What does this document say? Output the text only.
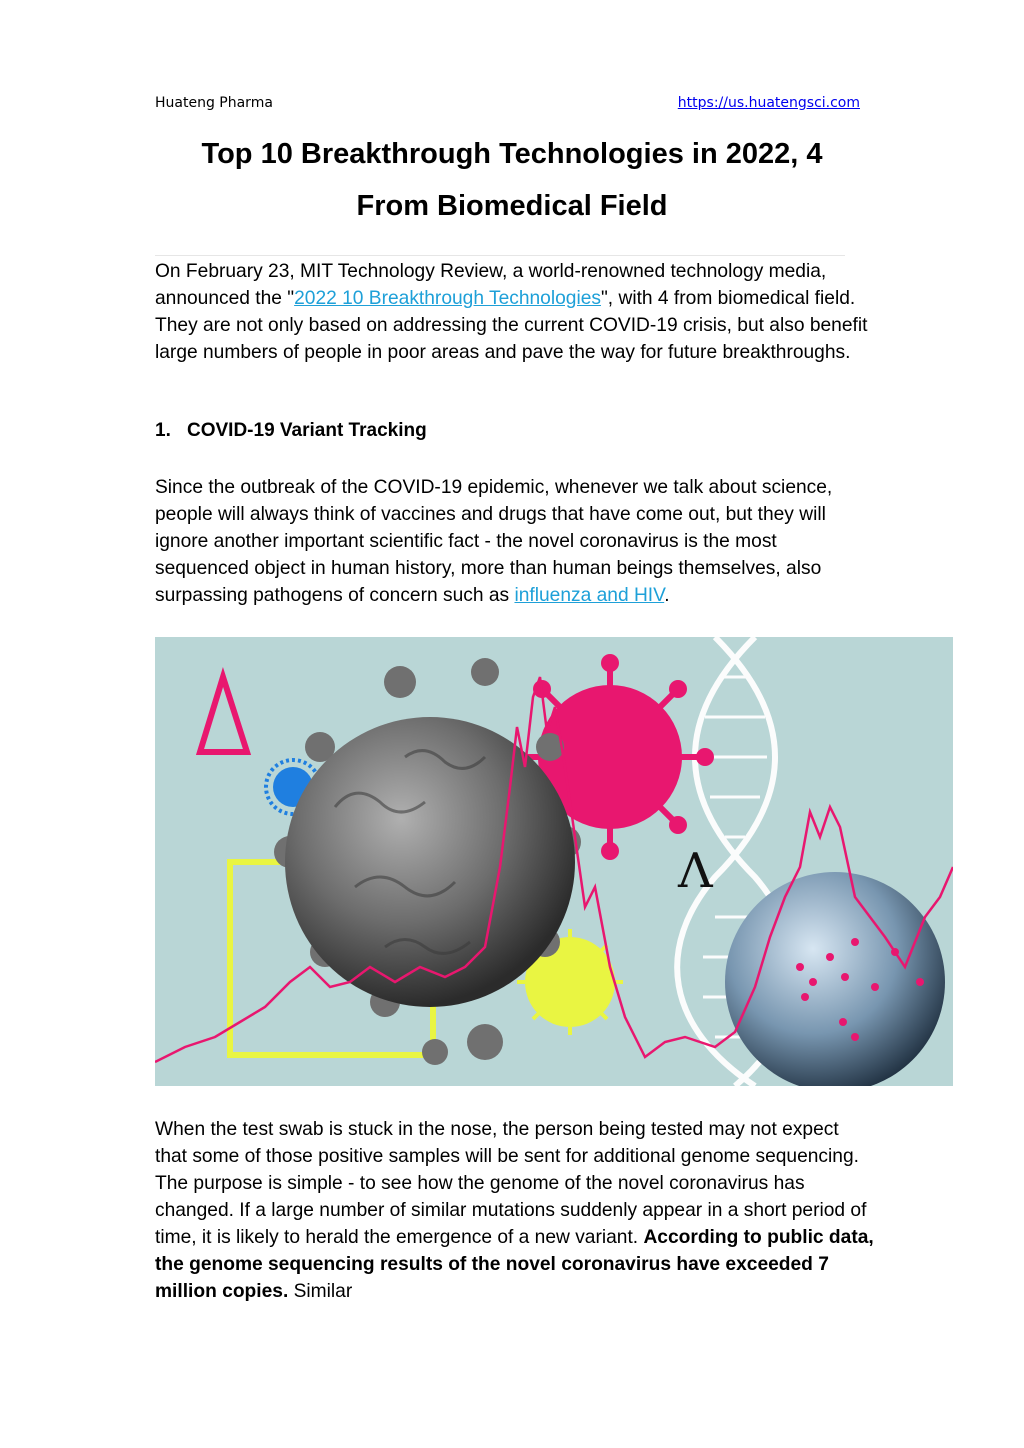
Huateng Pharma	https://us.huatengsci.com
Top 10 Breakthrough Technologies in 2022, 4
From Biomedical Field

On February 23, MIT Technology Review, a world-renowned technology media, announced the "2022 10 Breakthrough Technologies", with 4 from biomedical field. They are not only based on addressing the current COVID-19 crisis, but also benefit large numbers of people in poor areas and pave the way for future breakthroughs.

1. COVID-19 Variant Tracking

Since the outbreak of the COVID-19 epidemic, whenever we talk about science, people will always think of vaccines and drugs that have come out, but they will ignore another important scientific fact - the novel coronavirus is the most sequenced object in human history, more than human beings themselves, also surpassing pathogens of concern such as influenza and HIV.

Δ
Λ

When the test swab is stuck in the nose, the person being tested may not expect that some of those positive samples will be sent for additional genome sequencing. The purpose is simple - to see how the genome of the novel coronavirus has changed. If a large number of similar mutations suddenly appear in a short period of time, it is likely to herald the emergence of a new variant. According to public data, the genome sequencing results of the novel coronavirus have exceeded 7 million copies. Similar
